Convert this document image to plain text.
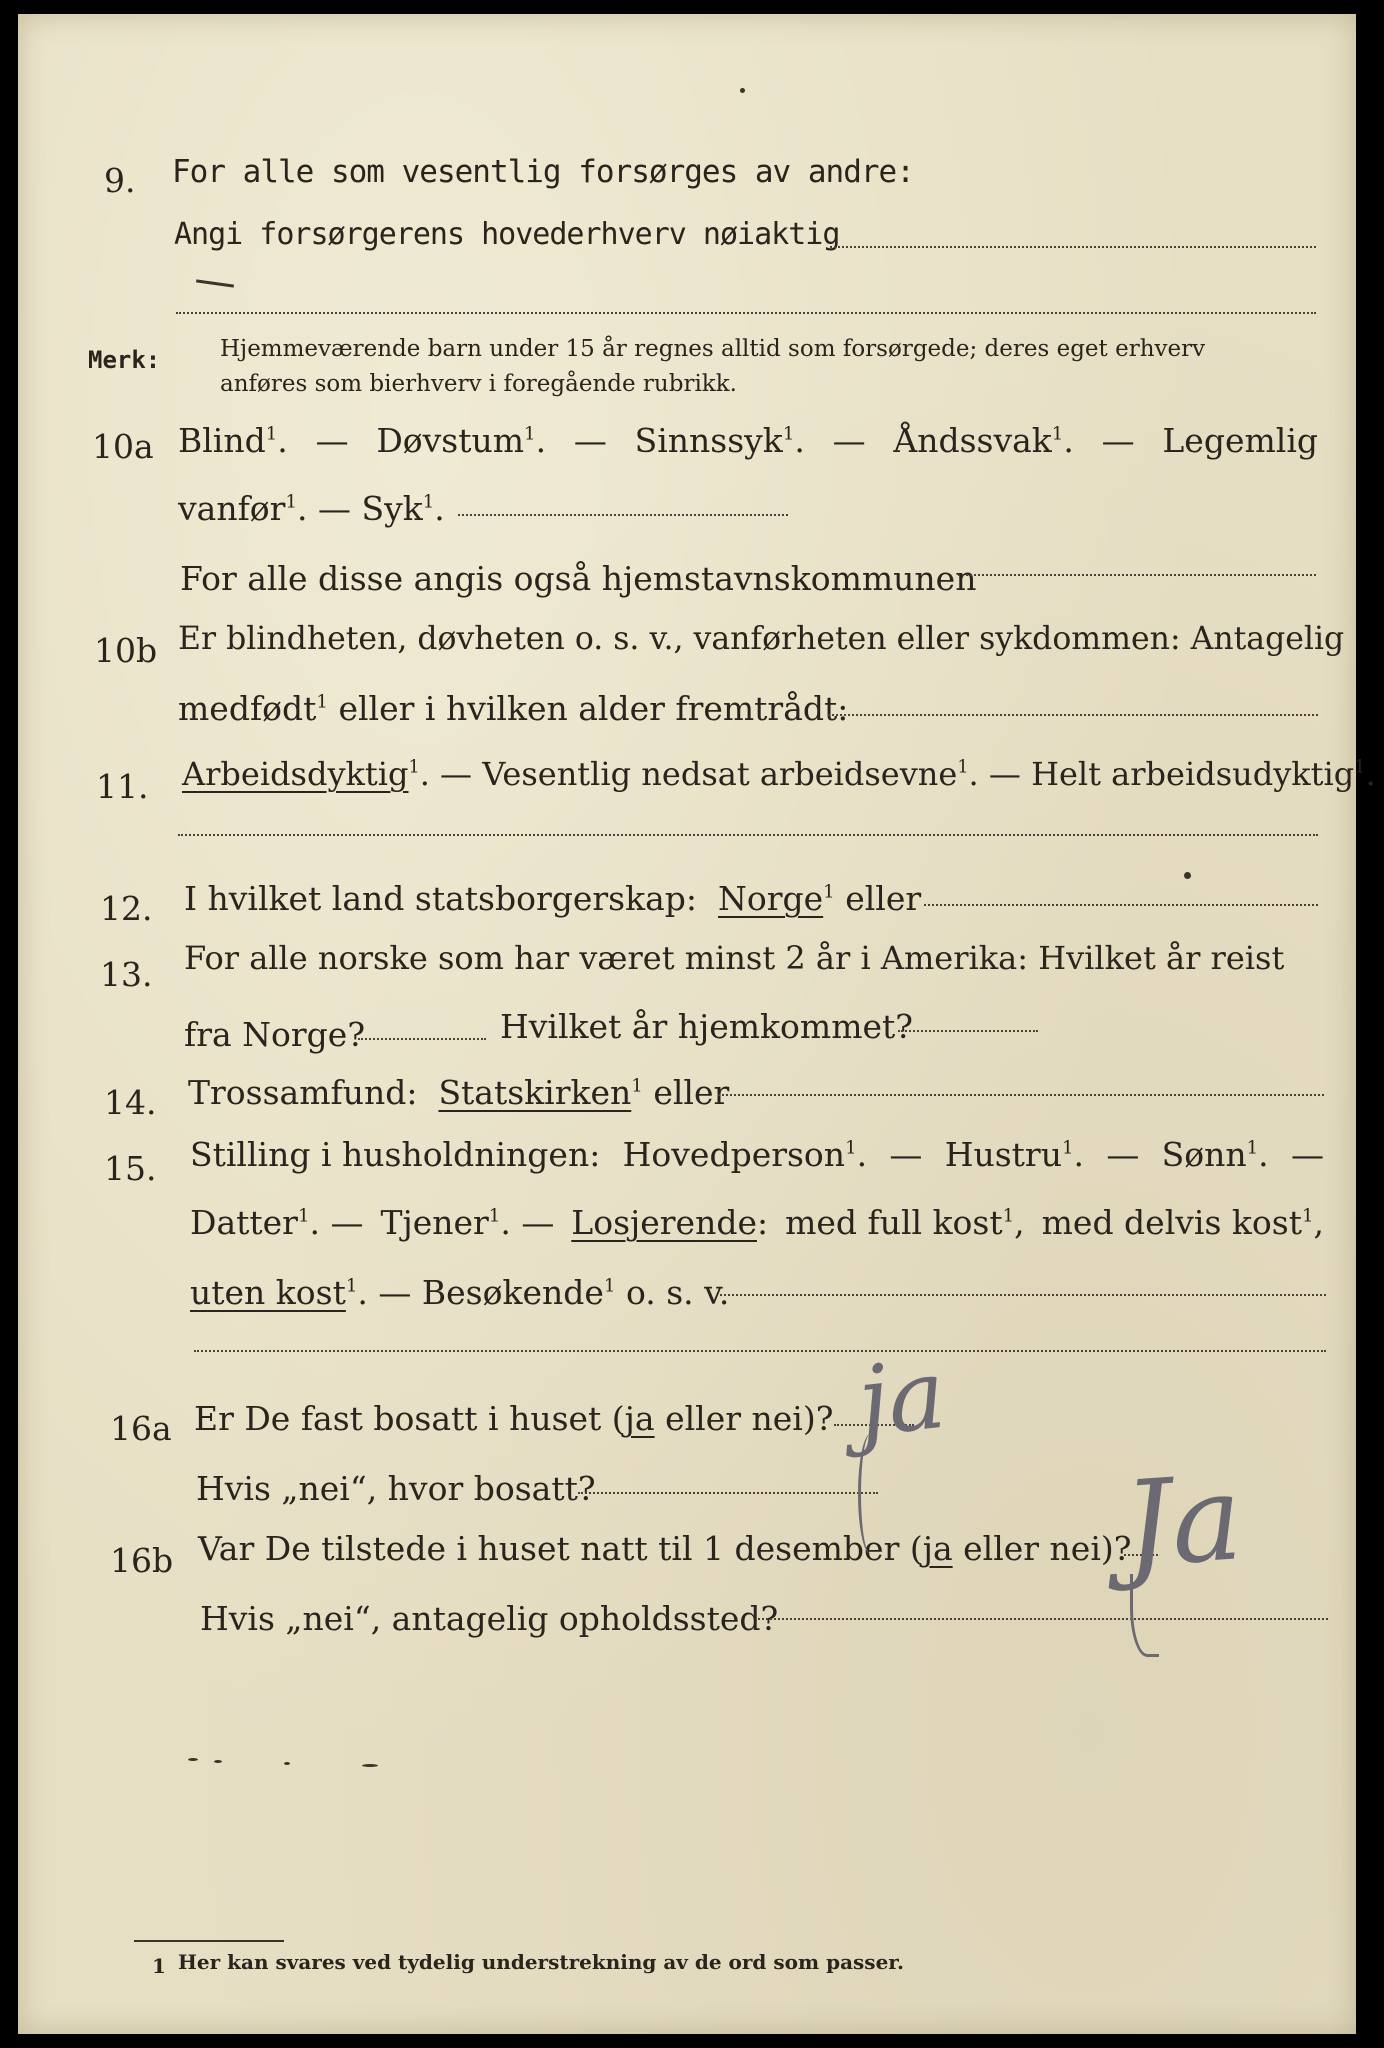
9. For alle som vesentlig forsørges av andre:
Angi forsørgerens hovederhverv nøiaktig
Merk:	Hjemmeværende barn under 15 år regnes alltid som forsørgede; deres eget erhverv
anføres som bierhverv i foregående rubrikk.
10a Blind$^1$. — Døvstum$^1$. — Sinnssyk$^1$. — Åndssvak$^1$. — Legemlig
vanfør$^1$. — Syk$^1$.
For alle disse angis også hjemstavnskommunen
10b Er blindheten, døvheten o. s. v., vanførheten eller sykdommen: Antagelig
medfødt$^1$ eller i hvilken alder fremtrådt:
11. Arbeidsdyktig$^1$. — Vesentlig nedsat arbeidsevne$^1$. — Helt arbeidsudyktig$^1$.
12. I hvilket land statsborgerskap: Norge$^1$ eller
13. For alle norske som har været minst 2 år i Amerika: Hvilket år reist
fra Norge?	Hvilket år hjemkommet?
14. Trossamfund: Statskirken$^1$ eller
15. Stilling i husholdningen: Hovedperson$^1$. — Hustru$^1$. — Sønn$^1$. —
Datter$^1$. — Tjener$^1$. — Losjerende: med full kost$^1$, med delvis kost$^1$,
uten kost$^1$. — Besøkende$^1$ o. s. v.
16a Er De fast bosatt i huset (ja eller nei)?
Hvis „nei“, hvor bosatt?
16b Var De tilstede i huset natt til 1 desember (ja eller nei)?
Hvis „nei“, antagelig opholdssted?
ja
Ja
1 Her kan svares ved tydelig understrekning av de ord som passer.
